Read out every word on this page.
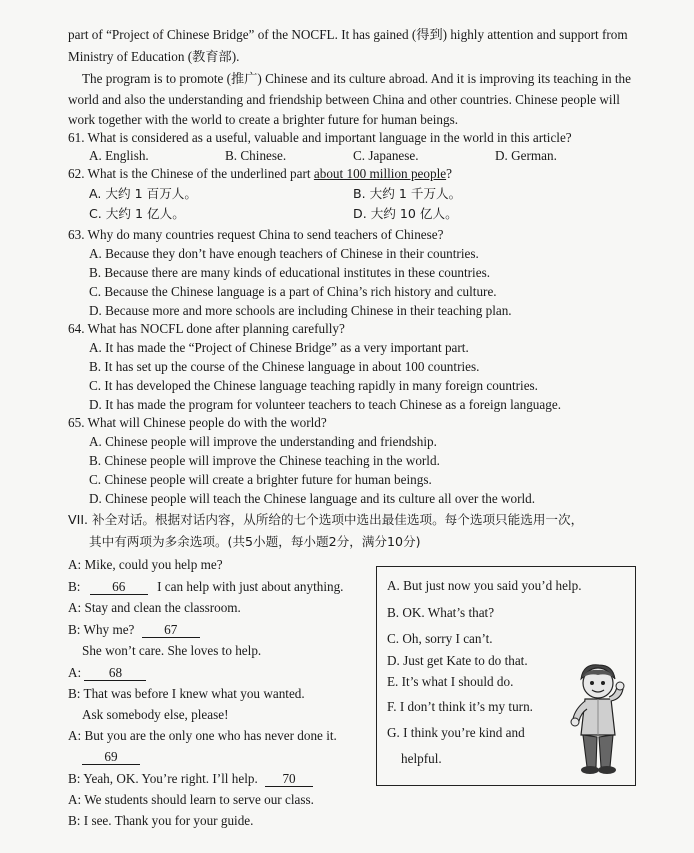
part of “Project of Chinese Bridge” of the NOCFL. It has gained (得到) highly attention and support from
Ministry of Education (教育部).
The program is to promote (推广) Chinese and its culture abroad. And it is improving its teaching in the
world and also the understanding and friendship between China and other countries. Chinese people will
work together with the world to create a brighter future for human beings.
61. What is considered as a useful, valuable and important language in the world in this article?
A. English.	B. Chinese.	C. Japanese.	D. German.
62. What is the Chinese of the underlined part about 100 million people?
A. 大约 1 百万人。	B. 大约 1 千万人。
C. 大约 1 亿人。	D. 大约 10 亿人。
63. Why do many countries request China to send teachers of Chinese?
A. Because they don’t have enough teachers of Chinese in their countries.
B. Because there are many kinds of educational institutes in these countries.
C. Because the Chinese language is a part of China’s rich history and culture.
D. Because more and more schools are including Chinese in their teaching plan.
64. What has NOCFL done after planning carefully?
A. It has made the “Project of Chinese Bridge” as a very important part.
B. It has set up the course of the Chinese language in about 100 countries.
C. It has developed the Chinese language teaching rapidly in many foreign countries.
D. It has made the program for volunteer teachers to teach Chinese as a foreign language.
65. What will Chinese people do with the world?
A. Chinese people will improve the understanding and friendship.
B. Chinese people will improve the Chinese teaching in the world.
C. Chinese people will create a brighter future for human beings.
D. Chinese people will teach the Chinese language and its culture all over the world.
VII. 补全对话。根据对话内容，从所给的七个选项中选出最佳选项。每个选项只能选用一次，
其中有两项为多余选项。(共5小题，每小题2分，满分10分)
A: Mike, could you help me?
B: 66 I can help with just about anything.
A: Stay and clean the classroom.
B: Why me? 67
She won’t care. She loves to help.
A: 68
B: That was before I knew what you wanted.
Ask somebody else, please!
A: But you are the only one who has never done it.
69
B: Yeah, OK. You’re right. I’ll help. 70
A: We students should learn to serve our class.
B: I see. Thank you for your guide.
A. But just now you said you’d help.
B. OK. What’s that?
C. Oh, sorry I can’t.
D. Just get Kate to do that.
E. It’s what I should do.
F. I don’t think it’s my turn.
G. I think you’re kind and
helpful.
